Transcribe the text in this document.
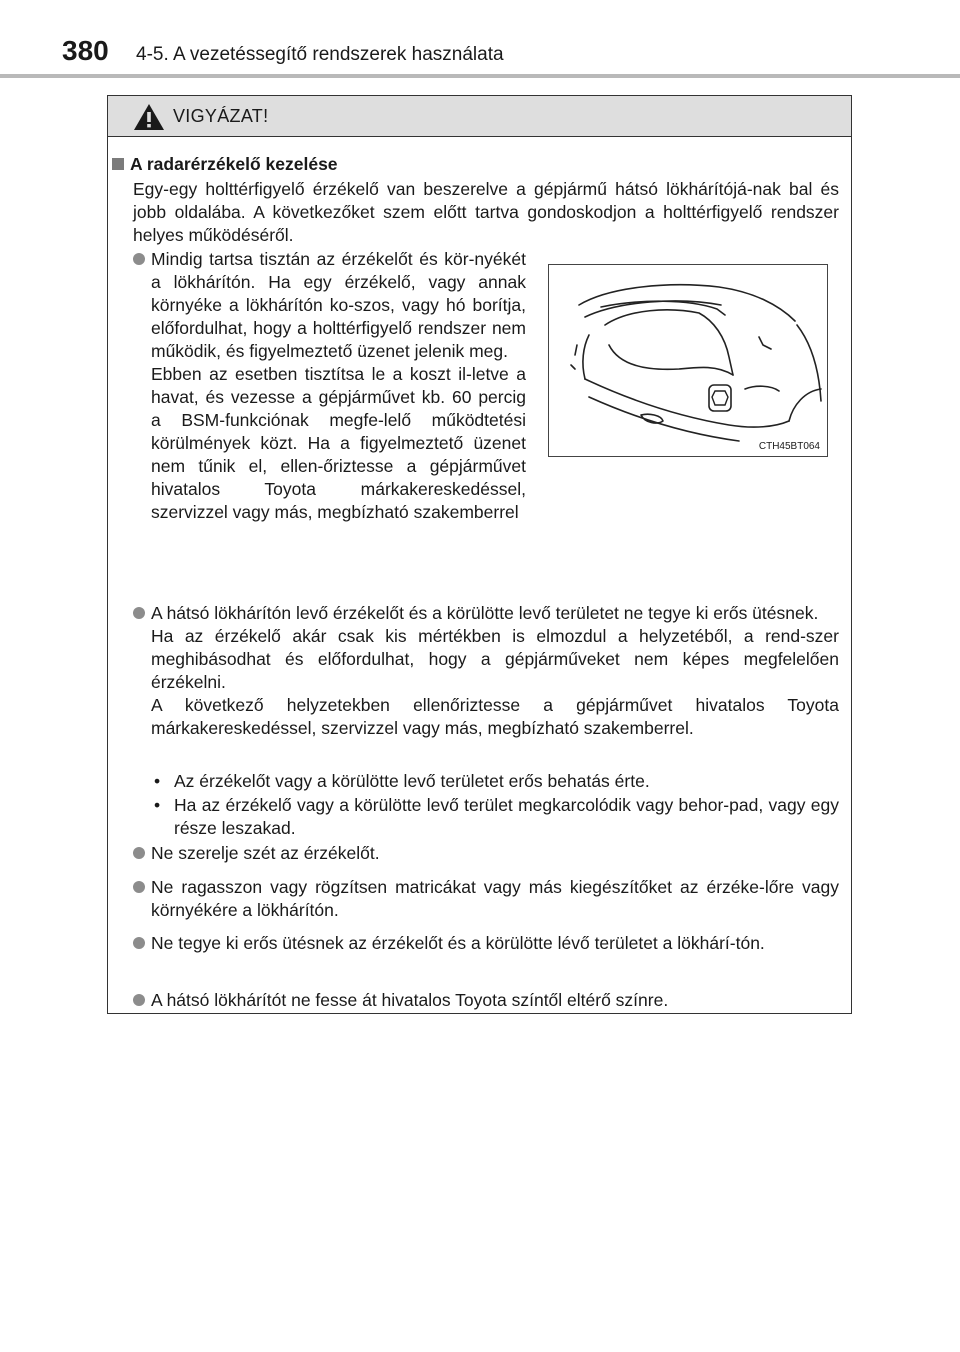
380 4-5. A vezetéssegítő rendszerek használata
VIGYÁZAT!
A radarérzékelő kezelése

Egy-egy holttérfigyelő érzékelő van beszerelve a gépjármű hátsó lökhárítójá-nak bal és jobb oldalába. A következőket szem előtt tartva gondoskodjon a holttérfigyelő rendszer helyes működéséről.

Mindig tartsa tisztán az érzékelőt és kör-nyékét a lökhárítón. Ha egy érzékelő, vagy annak környéke a lökhárítón ko-szos, vagy hó borítja, előfordulhat, hogy a holttérfigyelő rendszer nem működik, és figyelmeztető üzenet jelenik meg.

Ebben az esetben tisztítsa le a koszt il-letve a havat, és vezesse a gépjárművet kb. 60 percig a BSM-funkciónak megfe-lelő működtetési körülmények közt. Ha a figyelmeztető üzenet nem tűnik el, ellen-őriztesse a gépjárművet hivatalos Toyota márkakereskedéssel, szervizzel vagy más, megbízható szakemberrel

CTH45BT064

A hátsó lökhárítón levő érzékelőt és a körülötte levő területet ne tegye ki erős ütésnek.

Ha az érzékelő akár csak kis mértékben is elmozdul a helyzetéből, a rend-szer meghibásodhat és előfordulhat, hogy a gépjárműveket nem képes megfelelően érzékelni.

A következő helyzetekben ellenőriztesse a gépjárművet hivatalos Toyota márkakereskedéssel, szervizzel vagy más, megbízható szakemberrel.

• Az érzékelőt vagy a körülötte levő területet erős behatás érte.

• Ha az érzékelő vagy a körülötte levő terület megkarcolódik vagy behor-pad, vagy egy része leszakad.

Ne szerelje szét az érzékelőt.

Ne ragasszon vagy rögzítsen matricákat vagy más kiegészítőket az érzéke-lőre vagy környékére a lökhárítón.

Ne tegye ki erős ütésnek az érzékelőt és a körülötte lévő területet a lökhárí-tón.

A hátsó lökhárítót ne fesse át hivatalos Toyota színtől eltérő színre.
